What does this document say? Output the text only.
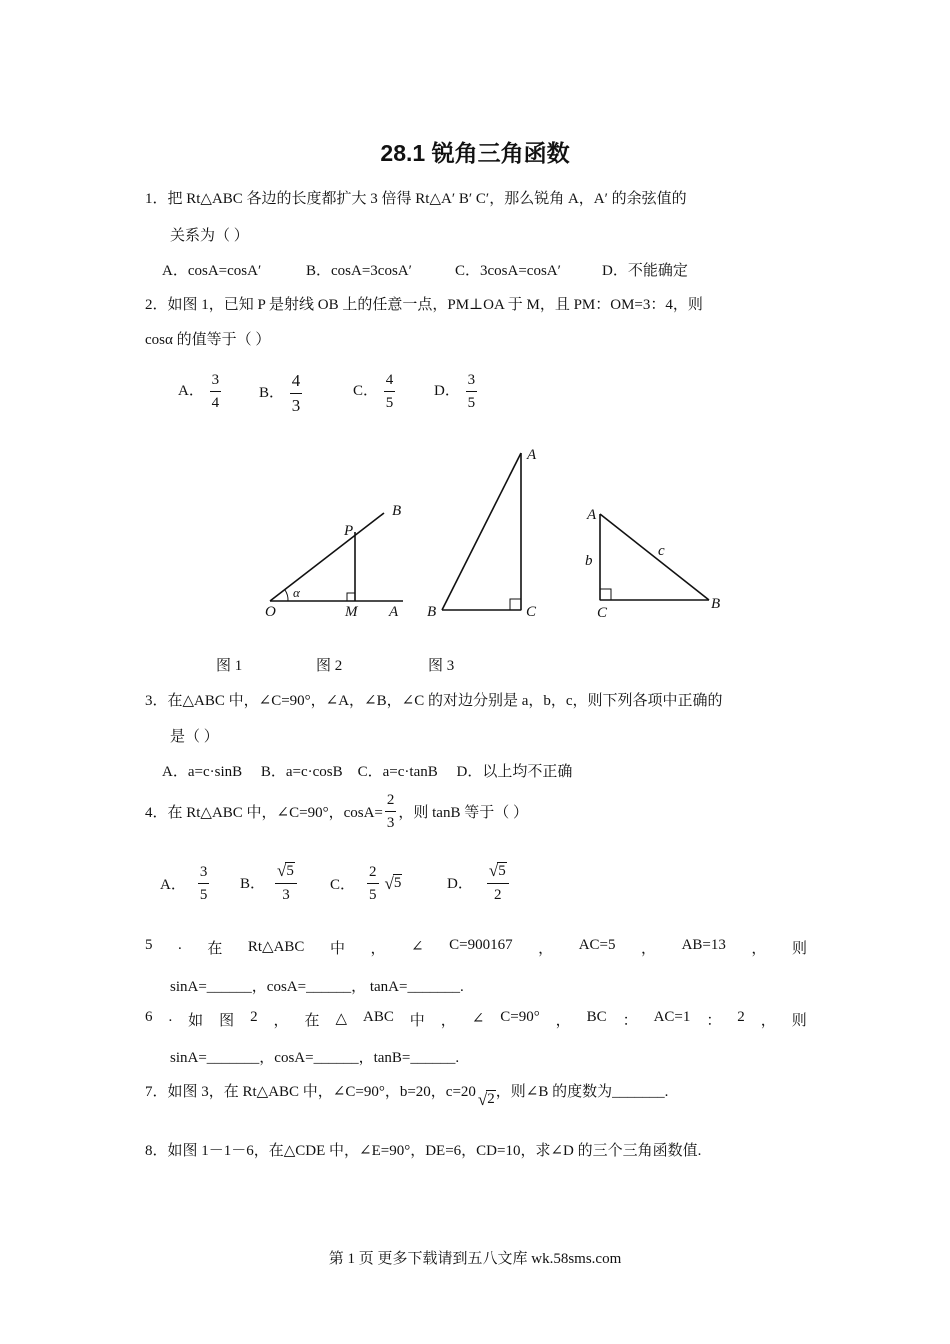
28.1 锐角三角函数
1．把 Rt△ABC 各边的长度都扩大 3 倍得 Rt△A′ B′ C′，那么锐角 A，A′ 的余弦值的
关系为（ ）
A．cosA=cosA′	B．cosA=3cosA′	C．3cosA=cosA′	D．不能确定
2．如图 1，已知 P 是射线 OB 上的任意一点，PM⊥OA 于 M，且 PM：OM=3：4，则
cosα 的值等于（ ）
A． $\frac{3}{4}$	B． $\frac{4}{3}$	C． $\frac{4}{5}$	D． $\frac{3}{5}$
O
α
M A
P
B
A
B	C
A
b
c
C
B
图 1	图 2	图 3
3．在△ABC 中，∠C=90°，∠A，∠B，∠C 的对边分别是 a，b，c，则下列各项中正确的
是（ ）
A．a=c·sinB　 B．a=c·cosB　C．a=c·tanB　 D．以上均不正确
4．在 Rt△ABC 中，∠C=90°，$\cos A= \frac{2}{3}$ ，则 tanB 等于（ ）
A． $\frac{3}{5}$ B． $\frac{√ 5}{3}$ C． $\frac{2}{5}$ √ 5	D． $\frac{√ 5}{2}$
5 . 在 Rt△ABC 中 ， ∠ C=900167 ， AC=5 ， AB=13 ， 则
sinA=______，cosA=______， tanA=_______.
6 . 如 图 2 ， 在 △ ABC 中 ， ∠ C=90° ， BC ： AC=1 ： 2 ， 则
sinA=_______，cosA=______，tanB=______.
7．如图 3，在 Rt△ABC 中，∠C=90°，b=20，c=20 √ 2 ，则∠B 的度数为_______.
8．如图 1－1－6，在△CDE 中，∠E=90°，DE=6，CD=10，求∠D 的三个三角函数值.
第 1 页 更多下载请到五八文库 wk.58sms.com
